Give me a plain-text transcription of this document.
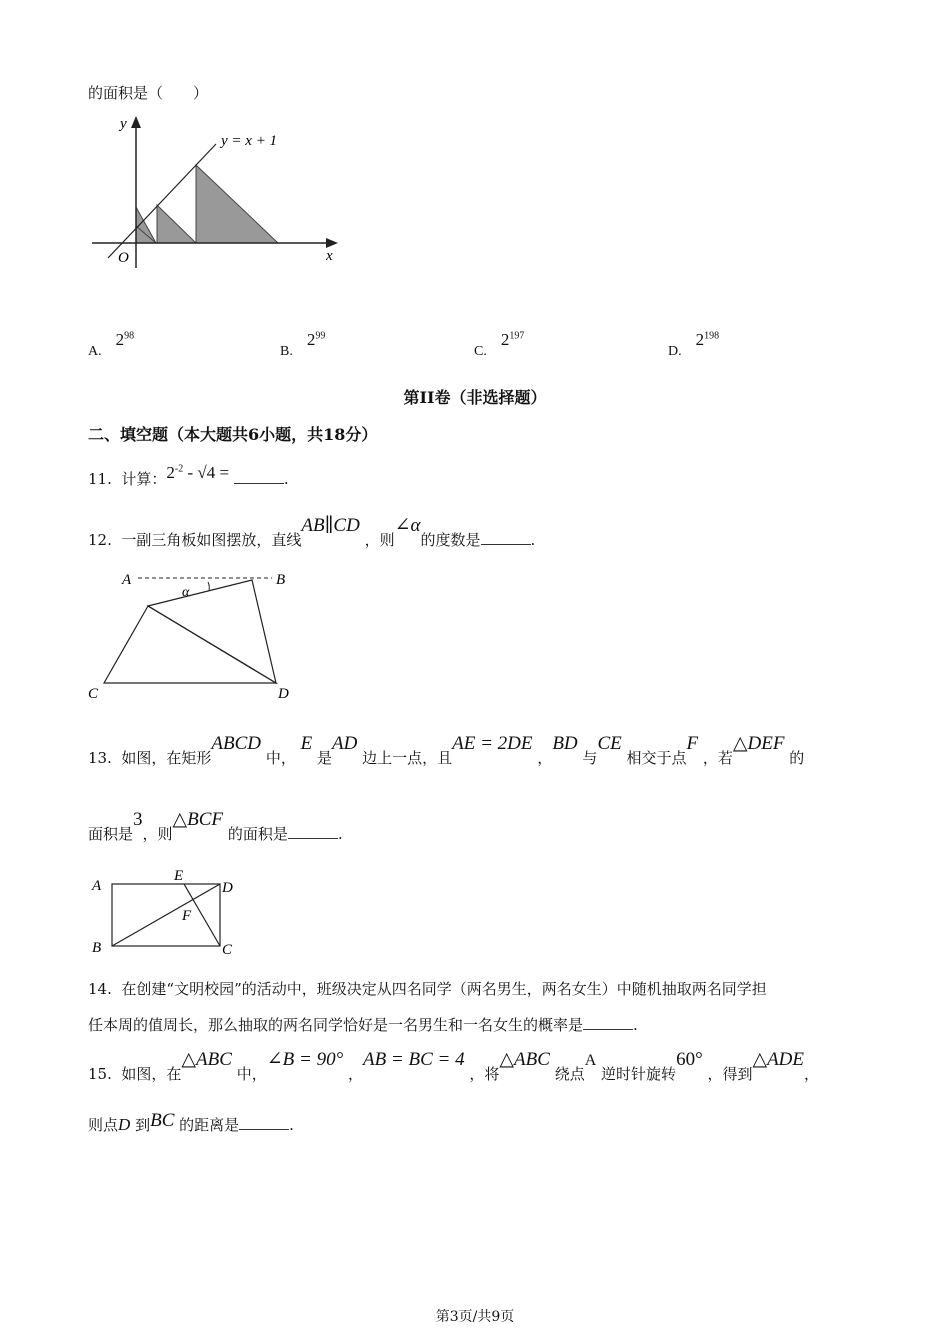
的面积是（　　）
y
x
O
y = x + 1
$A.2^{98}$
$B.2^{99}$
$C.2^{197}$
$D.2^{198}$
第II卷（非选择题）
二、填空题（本大题共6小题，共18分）
11. 计算：$2^{-2} - √4$ =	.
12. 一副三角板如图摆放，直线AB∥CD ，则∠α的度数是	.
A	B
C	D
α
13. 如图，在矩形ABCD 中， E 是AD 边上一点，且AE = 2DE ，BD 与CE 相交于点F ，若△DEF 的
面积是3，则△BCF 的面积是	.
A
E
D
F
B	C
14. 在创建“文明校园”的活动中，班级决定从四名同学（两名男生，两名女生）中随机抽取两名同学担
任本周的值周长，那么抽取的两名同学恰好是一名男生和一名女生的概率是	.
15. 如图，在△ABC 中，∠B = 90° ，AB = BC = 4 ，将△ABC 绕点A 逆时针旋转60° ，得到△ADE，
则点D 到BC 的距离是	.
第3页/共9页
